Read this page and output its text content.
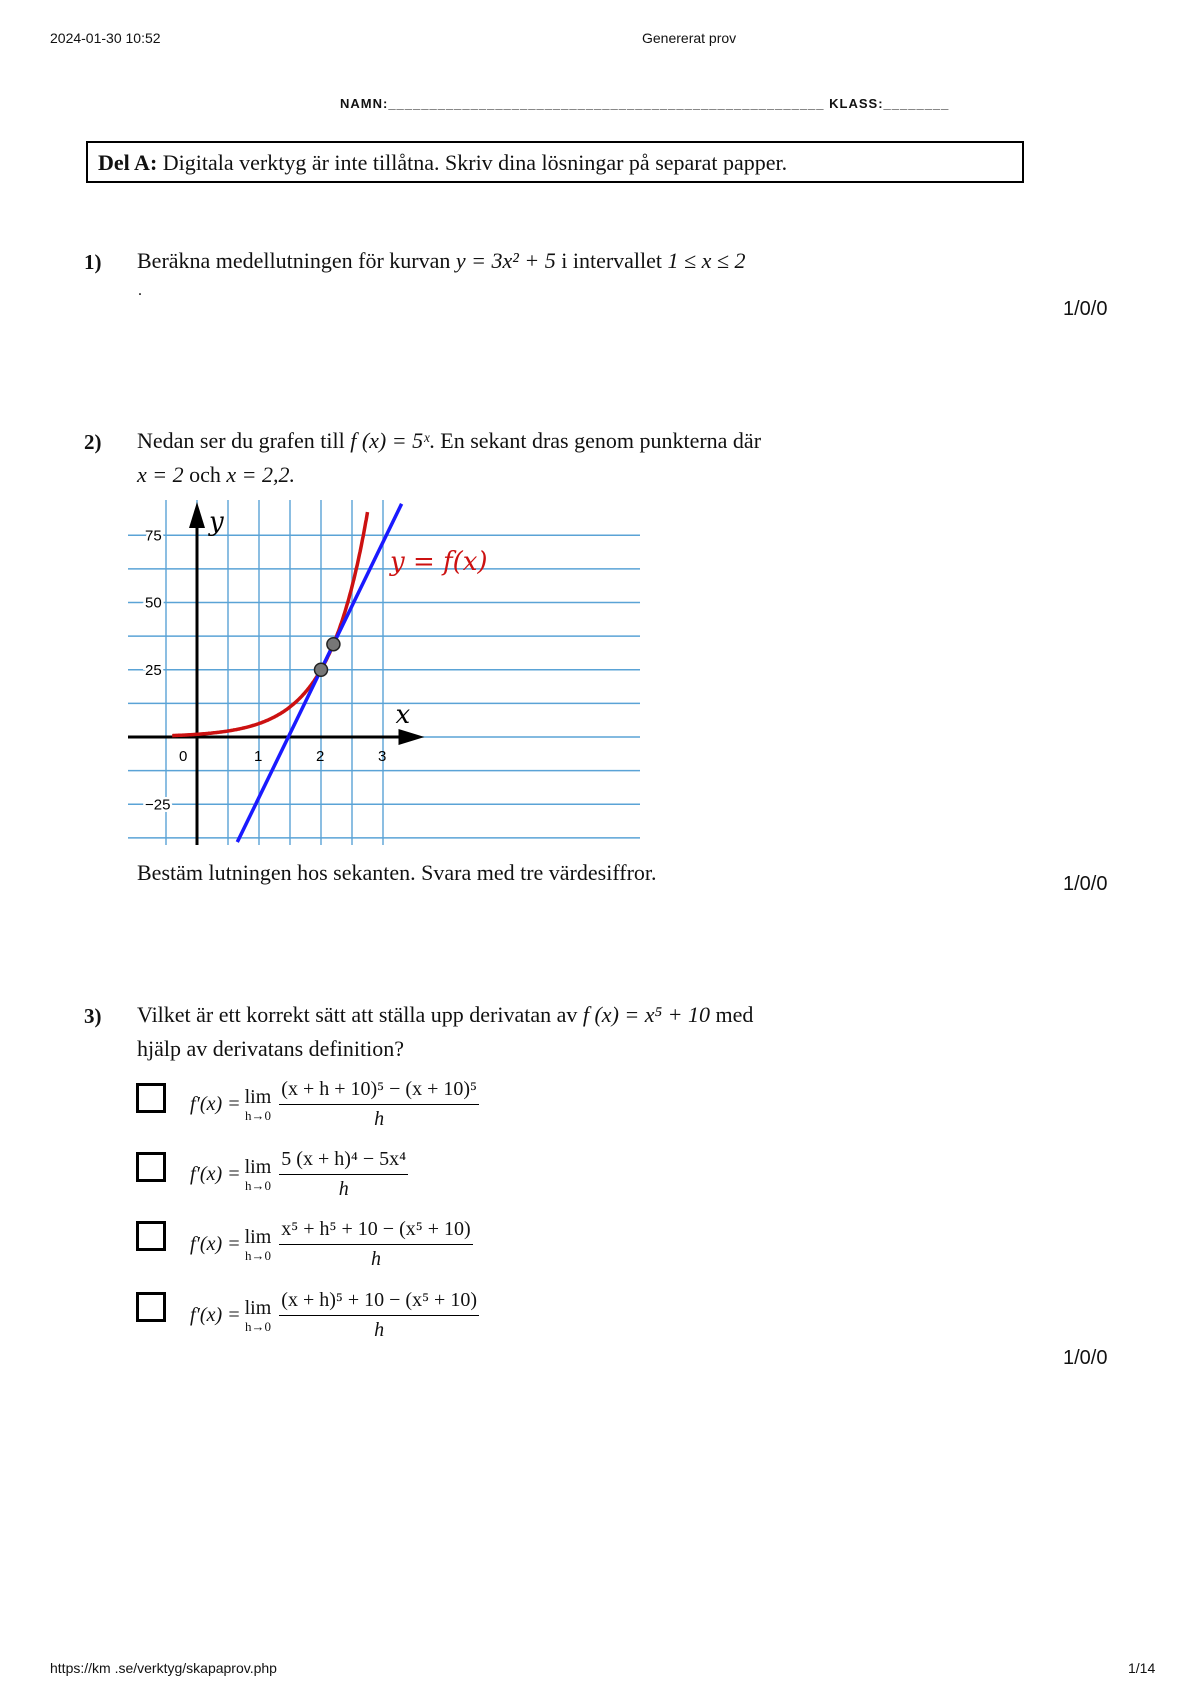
2024-01-30 10:52	Genererat prov
NAMN:_____________________________________________________ KLASS:________
Del A: Digitala verktyg är inte tillåtna. Skriv dina lösningar på separat papper.
1) Beräkna medellutningen för kurvan y = 3x² + 5 i intervallet 1 ≤ x ≤ 2
.
1/0/0
2) Nedan ser du grafen till f (x) = 5ˣ. En sekant dras genom punkterna där
x = 2 och x = 2,2.
0	1	2	3
−25
25
50
75
y = f(x)
x
y
Bestäm lutningen hos sekanten. Svara med tre värdesiffror.	1/0/0
3) Vilket är ett korrekt sätt att ställa upp derivatan av f (x) = x⁵ + 10 med
hjälp av derivatans definition?
f′(x) = lim
$h\to 0 \frac{\text{(x + h + 10)⁵ − (x + 10)⁵}}{h}$
f′(x) = lim
$h\to 0 \frac{\text{5 (x + h)⁴ − 5x⁴}}{h}$
f′(x) = lim
$h\to 0 \frac{\text{x⁵ + h⁵ + 10 − (x⁵ + 10)}}{h}$
f′(x) = lim
$h\to 0 \frac{\text{(x + h)⁵ + 10 − (x⁵ + 10)}}{h}$
1/0/0
https://km .se/verktyg/skapaprov.php	1/14
